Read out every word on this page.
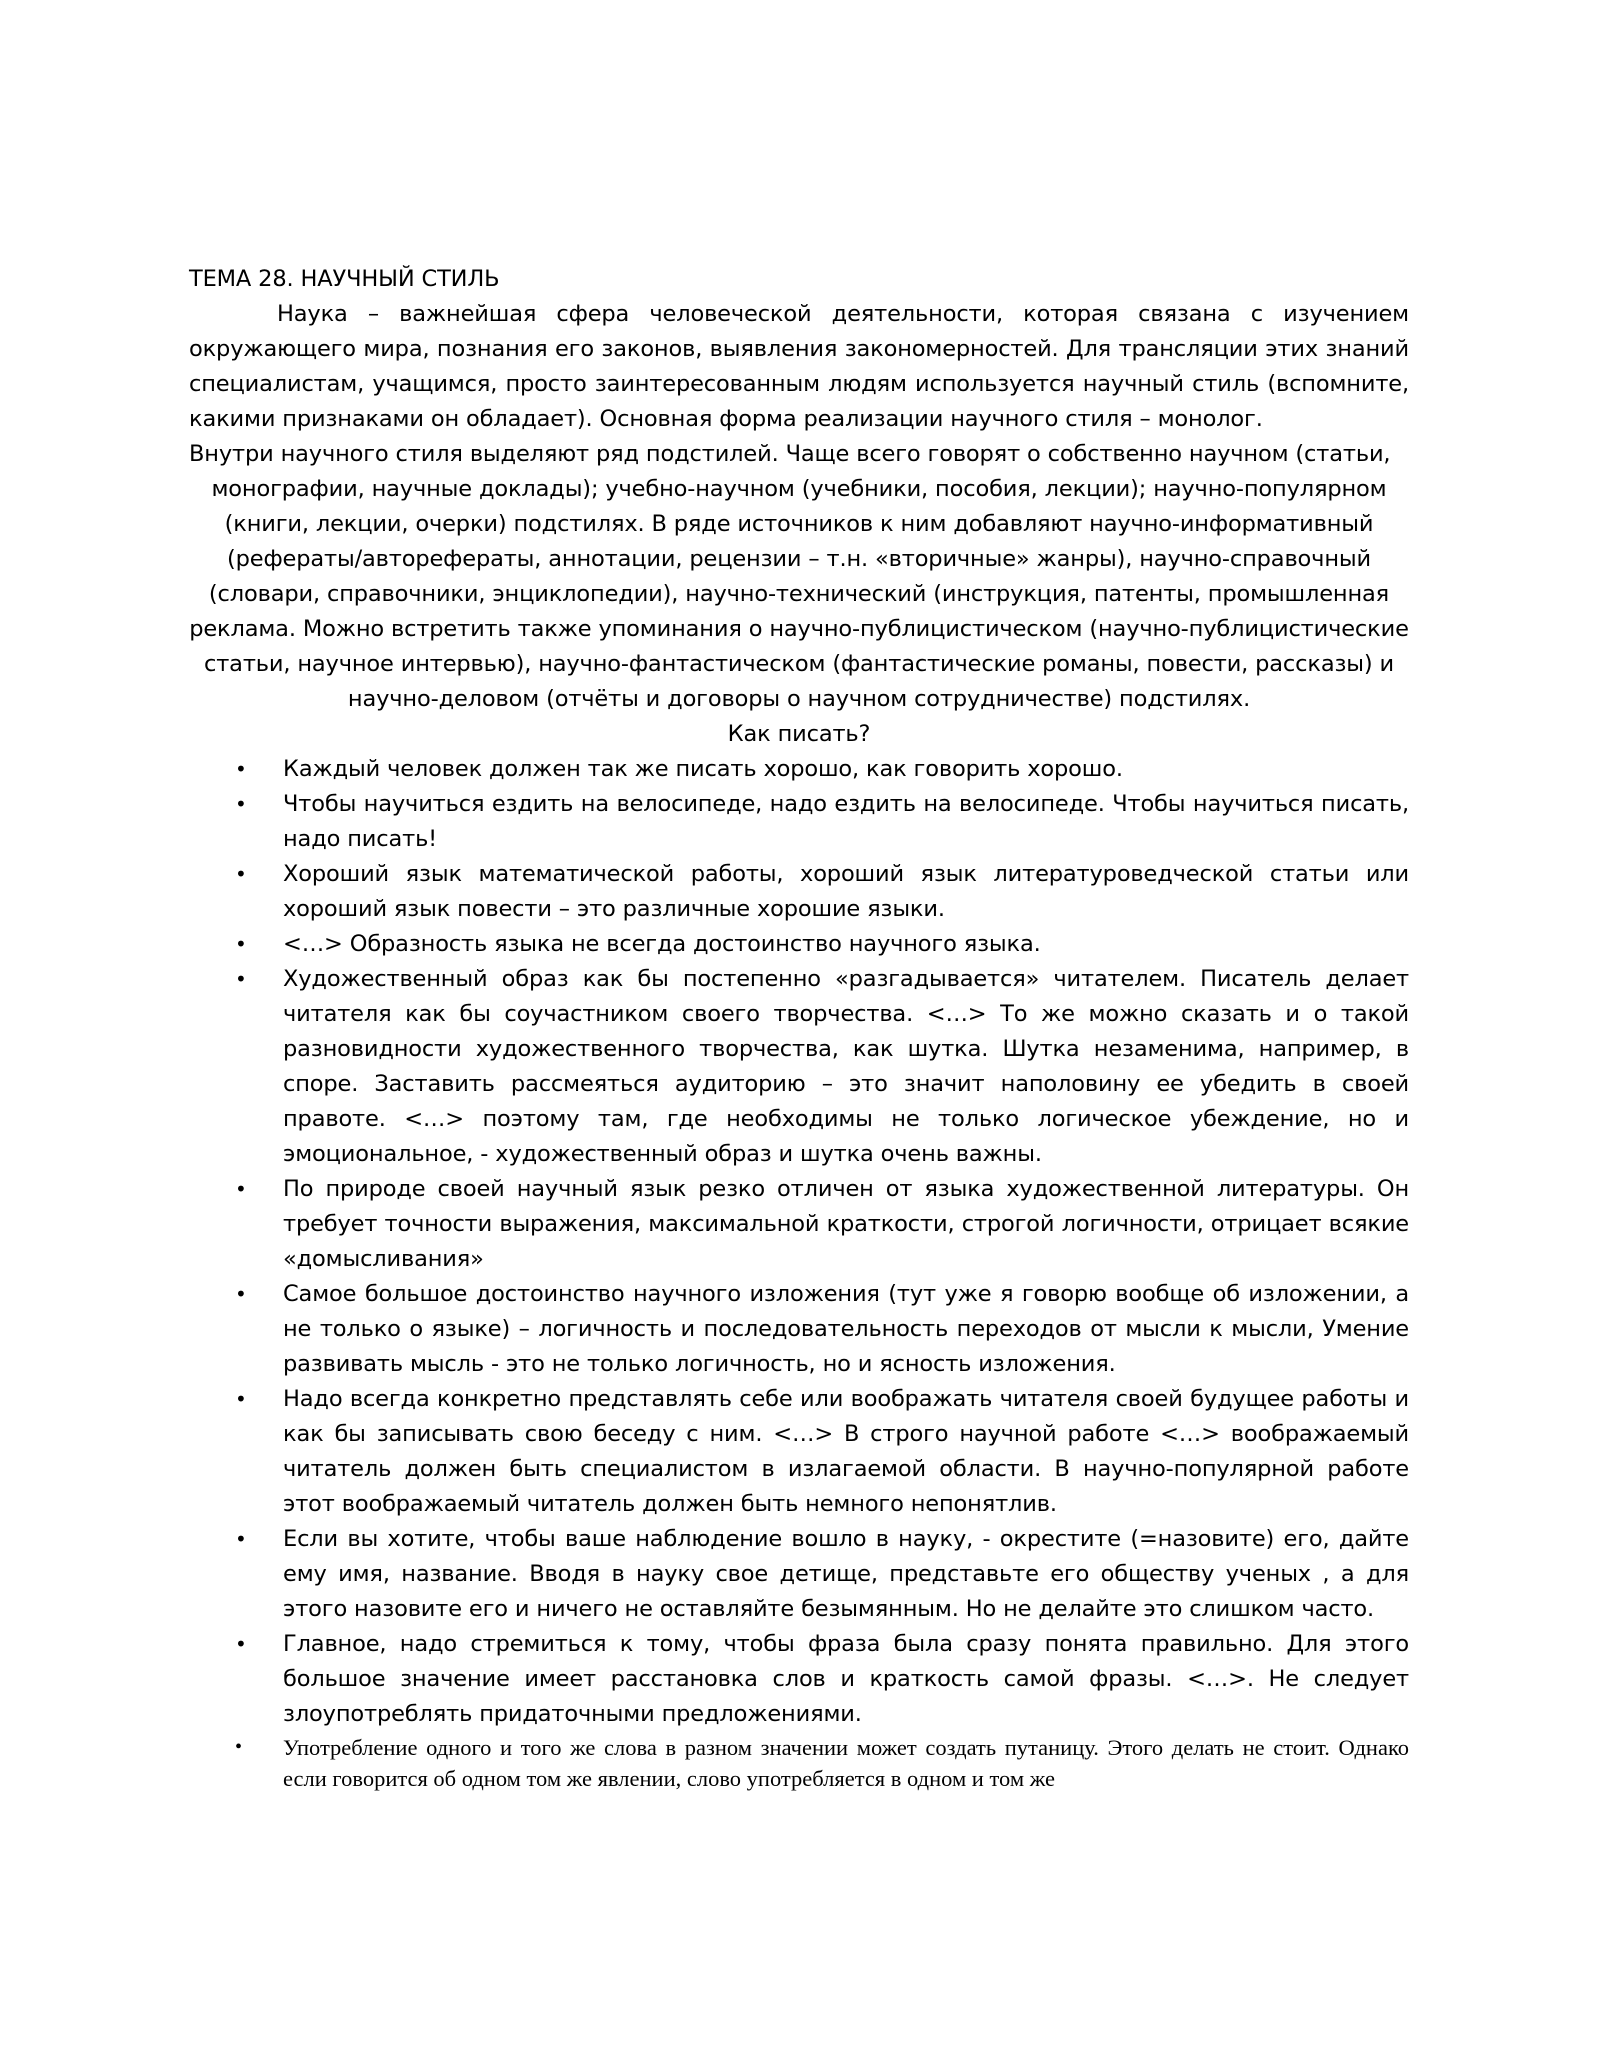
ТЕМА 28. НАУЧНЫЙ СТИЛЬ

Наука – важнейшая сфера человеческой деятельности, которая связана с изучением окружающего мира, познания его законов, выявления закономерностей. Для трансляции этих знаний специалистам, учащимся, просто заинтересованным людям используется научный стиль (вспомните, какими признаками он обладает). Основная форма реализации научного стиля – монолог.

Внутри научного стиля выделяют ряд подстилей. Чаще всего говорят о собственно научном (статьи,

монографии, научные доклады); учебно-научном (учебники, пособия, лекции); научно-популярном (книги, лекции, очерки) подстилях. В ряде источников к ним добавляют научно-информативный (рефераты/авторефераты, аннотации, рецензии – т.н. «вторичные» жанры), научно-справочный (словари, справочники, энциклопедии), научно-технический (инструкция, патенты, промышленная реклама. Можно встретить также упоминания о научно-публицистическом (научно-публицистические статьи, научное интервью), научно-фантастическом (фантастические романы, повести, рассказы) и научно-деловом (отчёты и договоры о научном сотрудничестве) подстилях.

Как писать?

• Каждый человек должен так же писать хорошо, как говорить хорошо.
• Чтобы научиться ездить на велосипеде, надо ездить на велосипеде. Чтобы научиться писать, надо писать!
• Хороший язык математической работы, хороший язык литературоведческой статьи или хороший язык повести – это различные хорошие языки.
• <…> Образность языка не всегда достоинство научного языка.
• Художественный образ как бы постепенно «разгадывается» читателем. Писатель делает читателя как бы соучастником своего творчества. <…> То же можно сказать и о такой разновидности художественного творчества, как шутка. Шутка незаменима, например, в споре. Заставить рассмеяться аудиторию – это значит наполовину ее убедить в своей правоте. <…> поэтому там, где необходимы не только логическое убеждение, но и эмоциональное, - художественный образ и шутка очень важны.
• По природе своей научный язык резко отличен от языка художественной литературы. Он требует точности выражения, максимальной краткости, строгой логичности, отрицает всякие «домысливания»
• Самое большое достоинство научного изложения (тут уже я говорю вообще об изложении, а не только о языке) – логичность и последовательность переходов от мысли к мысли, Умение развивать мысль - это не только логичность, но и ясность изложения.
• Надо всегда конкретно представлять себе или воображать читателя своей будущее работы и как бы записывать свою беседу с ним. <…> В строго научной работе <…> воображаемый читатель должен быть специалистом в излагаемой области. В научно-популярной работе этот воображаемый читатель должен быть немного непонятлив.
• Если вы хотите, чтобы ваше наблюдение вошло в науку, - окрестите (=назовите) его, дайте ему имя, название. Вводя в науку свое детище, представьте его обществу ученых , а для этого назовите его и ничего не оставляйте безымянным. Но не делайте это слишком часто.
• Главное, надо стремиться к тому, чтобы фраза была сразу понята правильно. Для этого большое значение имеет расстановка слов и краткость самой фразы. <…>. Не следует злоупотреблять придаточными предложениями.
• Употребление одного и того же слова в разном значении может создать путаницу. Этого делать не стоит. Однако если говорится об одном том же явлении, слово употребляется в одном и том же
